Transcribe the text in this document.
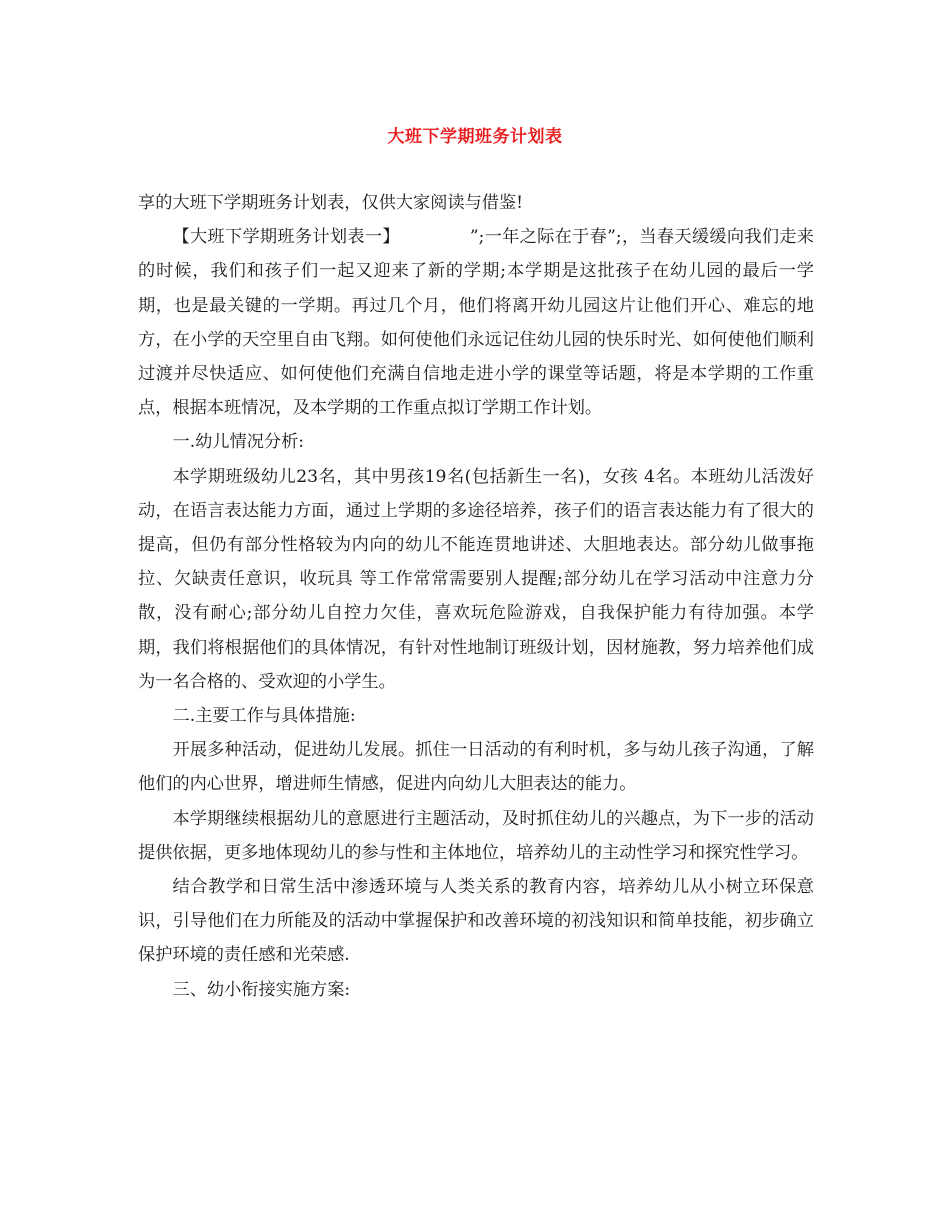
大班下学期班务计划表

享的大班下学期班务计划表，仅供大家阅读与借鉴!

【大班下学期班务计划表一】	”;一年之际在于春”;，当春天缓缓向我们走来的时候，我们和孩子们一起又迎来了新的学期;本学期是这批孩子在幼儿园的最后一学期，也是最关键的一学期。再过几个月，他们将离开幼儿园这片让他们开心、难忘的地方，在小学的天空里自由飞翔。如何使他们永远记住幼儿园的快乐时光、如何使他们顺利过渡并尽快适应、如何使他们充满自信地走进小学的课堂等话题，将是本学期的工作重点，根据本班情况，及本学期的工作重点拟订学期工作计划。

一.幼儿情况分析:

本学期班级幼儿23名，其中男孩19名(包括新生一名)，女孩 4名。本班幼儿活泼好动，在语言表达能力方面，通过上学期的多途径培养，孩子们的语言表达能力有了很大的提高，但仍有部分性格较为内向的幼儿不能连贯地讲述、大胆地表达。部分幼儿做事拖拉、欠缺责任意识，收玩具 等工作常常需要别人提醒;部分幼儿在学习活动中注意力分散，没有耐心;部分幼儿自控力欠佳，喜欢玩危险游戏，自我保护能力有待加强。本学期，我们将根据他们的具体情况，有针对性地制订班级计划，因材施教，努力培养他们成为一名合格的、受欢迎的小学生。

二.主要工作与具体措施:

开展多种活动，促进幼儿发展。抓住一日活动的有利时机，多与幼儿孩子沟通，了解他们的内心世界，增进师生情感，促进内向幼儿大胆表达的能力。

本学期继续根据幼儿的意愿进行主题活动，及时抓住幼儿的兴趣点，为下一步的活动提供依据，更多地体现幼儿的参与性和主体地位，培养幼儿的主动性学习和探究性学习。

结合教学和日常生活中渗透环境与人类关系的教育内容，培养幼儿从小树立环保意识，引导他们在力所能及的活动中掌握保护和改善环境的初浅知识和简单技能，初步确立保护环境的责任感和光荣感.

三、幼小衔接实施方案:
